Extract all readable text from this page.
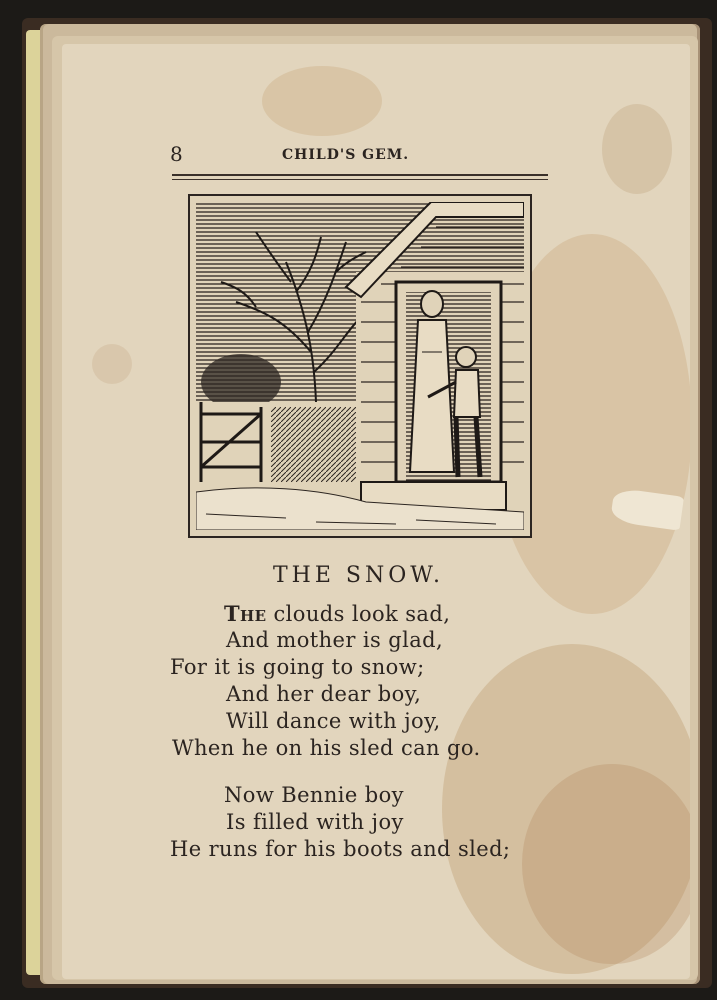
8	CHILD'S GEM.
THE SNOW.
The clouds look sad,
And mother is glad,
For it is going to snow;
And her dear boy,
Will dance with joy,
When he on his sled can go.
Now Bennie boy
Is filled with joy
He runs for his boots and sled;
